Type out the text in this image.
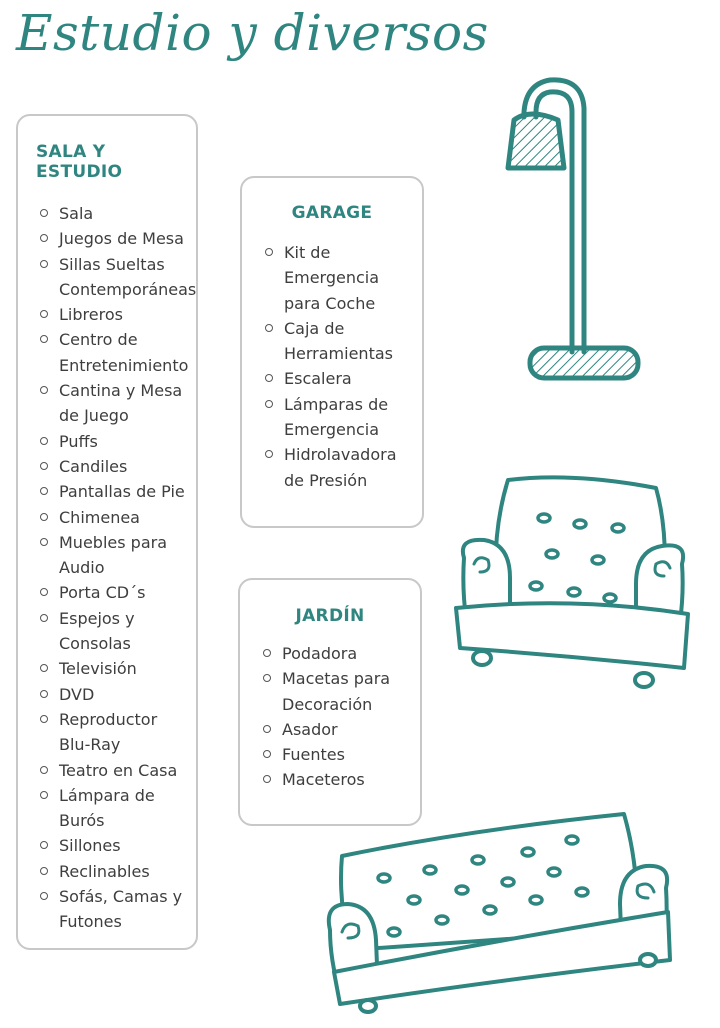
Estudio y diversos
SALA Y ESTUDIO
Sala
Juegos de Mesa
Sillas Sueltas
Contemporáneas
Libreros
Centro de
Entretenimiento
Cantina y Mesa
de Juego
Puffs
Candiles
Pantallas de Pie
Chimenea
Muebles para
Audio
Porta CD´s
Espejos y
Consolas
Televisión
DVD
Reproductor
Blu-Ray
Teatro en Casa
Lámpara de
Burós
Sillones
Reclinables
Sofás, Camas y
Futones
GARAGE
Kit de
Emergencia
para Coche
Caja de
Herramientas
Escalera
Lámparas de
Emergencia
Hidrolavadora
de Presión
JARDÍN
Podadora
Macetas para
Decoración
Asador
Fuentes
Maceteros
